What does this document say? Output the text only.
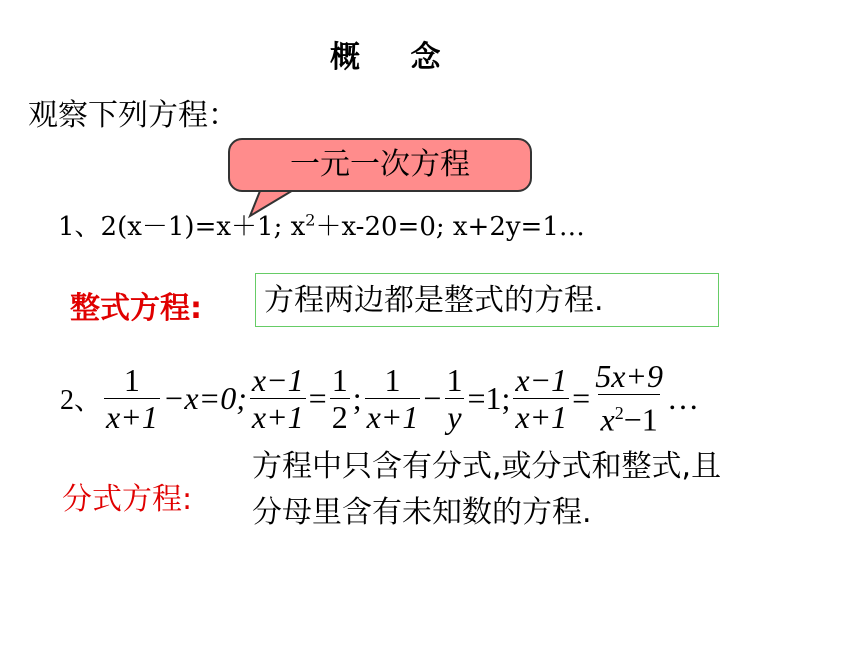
概 念
观察下列方程：
一元一次方程
1、2(x－1)=x＋1; $x^2+x-20=0$; x+2y=1…
整式方程:	方程两边都是整式的方程.
2、 $\frac{1}{x+1} -x=0$; $\frac{x-1}{x+1} = \frac{1}{2}$ ; $\frac{1}{x+1} - \frac{1}{y} =1$; $\frac{x-1}{x+1} = \frac{5x+9}{x^2-1}$ …
分式方程:
方程中只含有分式,或分式和整式,且分母里含有未知数的方程.
